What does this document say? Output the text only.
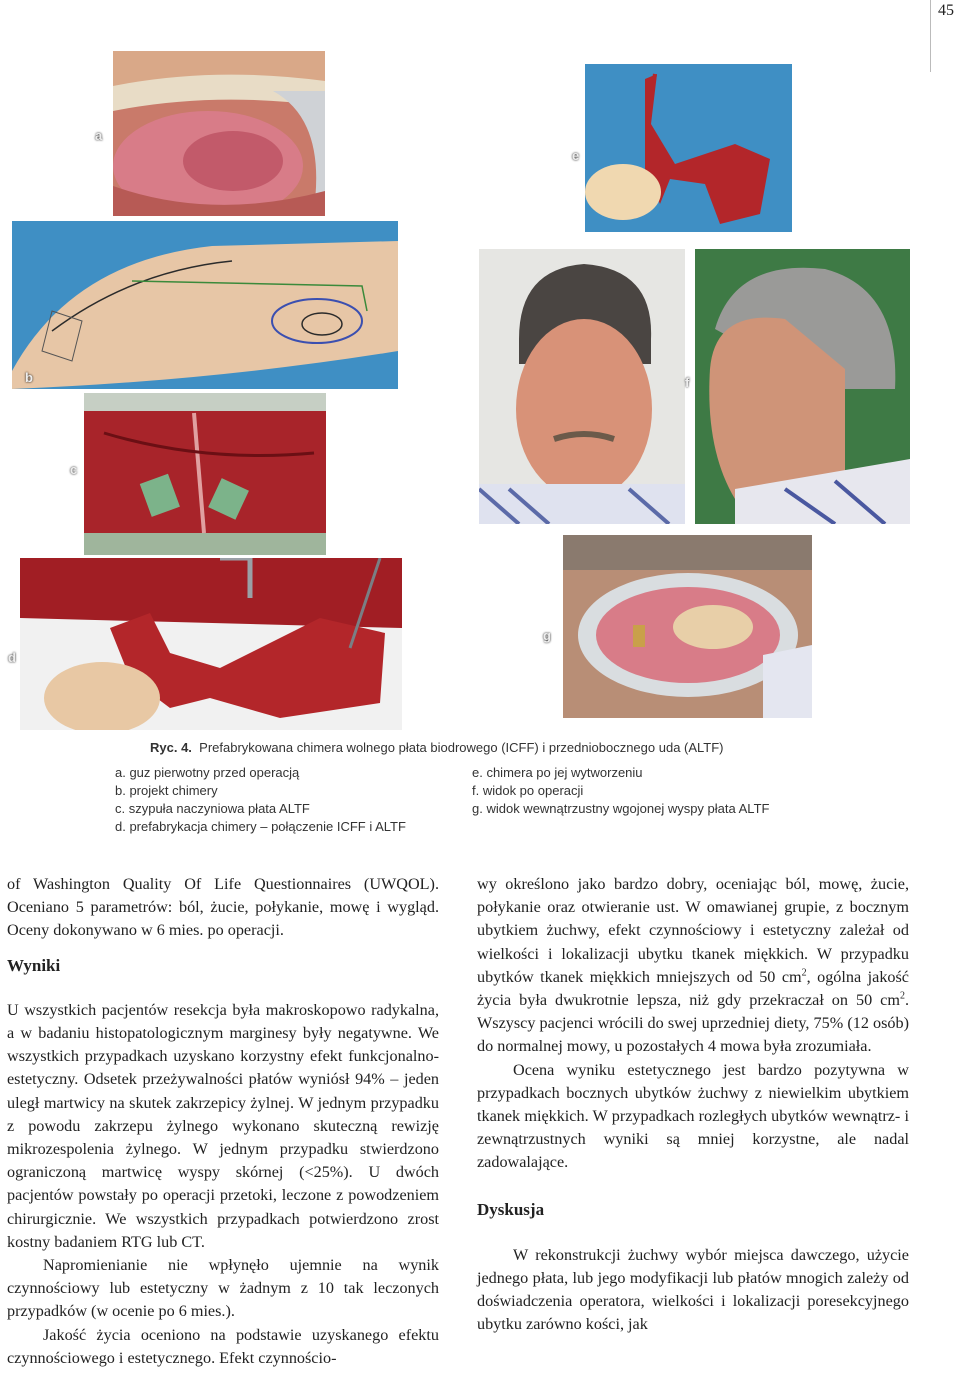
45
a
e
b
c
f
d
g
Ryc. 4. Prefabrykowana chimera wolnego płata biodrowego (ICFF) i przedniobocznego uda (ALTF)
a. guz pierwotny przed operacją
b. projekt chimery
c. szypuła naczyniowa płata ALTF
d. prefabrykacja chimery – połączenie ICFF i ALTF
e. chimera po jej wytworzeniu
f. widok po operacji
g. widok wewnątrzustny wgojonej wyspy płata ALTF

of Washington Quality Of Life Questionnaires (UWQOL). Oceniano 5 parametrów: ból, żucie, połykanie, mowę i wygląd. Oceny dokonywano w 6 mies. po operacji.

Wyniki

U wszystkich pacjentów resekcja była makroskopowo radykalna, a w badaniu histopatologicznym marginesy były negatywne. We wszystkich przypadkach uzyskano korzystny efekt funkcjonalno-estetyczny. Odsetek przeżywalności płatów wyniósł 94% – jeden uległ martwicy na skutek zakrzepicy żylnej. W jednym przypadku z powodu zakrzepu żylnego wykonano skuteczną rewizję mikrozespolenia żylnego. W jednym przypadku stwierdzono ograniczoną martwicę wyspy skórnej (<25%). U dwóch pacjentów powstały po operacji przetoki, leczone z powodzeniem chirurgicznie. We wszystkich przypadkach potwierdzono zrost kostny badaniem RTG lub CT.

Napromienianie nie wpłynęło ujemnie na wynik czynnościowy lub estetyczny w żadnym z 10 tak leczonych przypadków (w ocenie po 6 mies.).

Jakość życia oceniono na podstawie uzyskanego efektu czynnościowego i estetycznego. Efekt czynnościo-

wy określono jako bardzo dobry, oceniając ból, mowę, żucie, połykanie oraz otwieranie ust. W omawianej grupie, z bocznym ubytkiem żuchwy, efekt czynnościowy i estetyczny zależał od wielkości i lokalizacji ubytku tkanek miękkich. W przypadku ubytków tkanek miękkich mniejszych od 50 $cm^2$, ogólna jakość życia była dwukrotnie lepsza, niż gdy przekraczał on 50 $cm^2$. Wszyscy pacjenci wrócili do swej uprzedniej diety, 75% (12 osób) do normalnej mowy, u pozostałych 4 mowa była zrozumiała.

Ocena wyniku estetycznego jest bardzo pozytywna w przypadkach bocznych ubytków żuchwy z niewielkim ubytkiem tkanek miękkich. W przypadkach rozległych ubytków wewnątrz- i zewnątrzustnych wyniki są mniej korzystne, ale nadal zadowalające.

Dyskusja

W rekonstrukcji żuchwy wybór miejsca dawczego, użycie jednego płata, lub jego modyfikacji lub płatów mnogich zależy od doświadczenia operatora, wielkości i lokalizacji poresekcyjnego ubytku zarówno kości, jak
